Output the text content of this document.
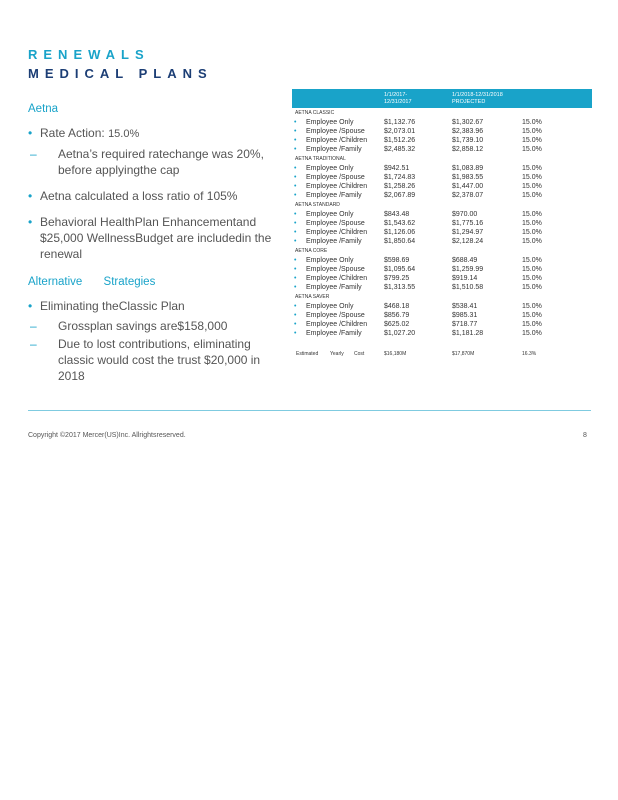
RENEWALS
MEDICAL PLANS
Aetna
• Rate Action: 15.0%
– Aetna’s required ratechange was 20%, before applyingthe cap
• Aetna calculated a loss ratio of 105%
• Behavioral HealthPlan Enhancementand $25,000 WellnessBudget are includedin the renewal
Alternative Strategies
• Eliminating theClassic Plan
– Grossplan savings are$158,000
– Due to lost contributions, eliminating classic would cost the trust $20,000 in 2018
1/1/2017-
12/31/2017
1/1/2018-12/31/2018
PROJECTED
AETNA CLASSIC
• Employee Only	$1,132.76	$1,302.67	15.0%
• Employee /Spouse	$2,073.01	$2,383.96	15.0%
• Employee /Children $1,512.26	$1,739.10	15.0%
• Employee /Family	$2,485.32	$2,858.12	15.0%
AETNA TRADITIONAL
• Employee Only	$942.51	$1,083.89	15.0%
• Employee /Spouse	$1,724.83	$1,983.55	15.0%
• Employee /Children $1,258.26	$1,447.00	15.0%
• Employee /Family	$2,067.89	$2,378.07	15.0%
AETNA STANDARD
• Employee Only	$843.48	$970.00	15.0%
• Employee /Spouse	$1,543.62	$1,775.16	15.0%
• Employee /Children $1,126.06	$1,294.97	15.0%
• Employee /Family	$1,850.64	$2,128.24	15.0%
AETNA CORE
• Employee Only	$598.69	$688.49	15.0%
• Employee /Spouse	$1,095.64	$1,259.99	15.0%
• Employee /Children $799.25	$919.14	15.0%
• Employee /Family	$1,313.55	$1,510.58	15.0%
AETNA SAVER
• Employee Only	$468.18	$538.41	15.0%
• Employee /Spouse	$856.79	$985.31	15.0%
• Employee /Children $625.02	$718.77	15.0%
• Employee /Family	$1,027.20	$1,181.28	15.0%
Estimated Yearly Cost	$16,180M	$17,870M	16.3%
Copyright ©2017 Mercer(US)Inc. Allrightsreserved.	8
